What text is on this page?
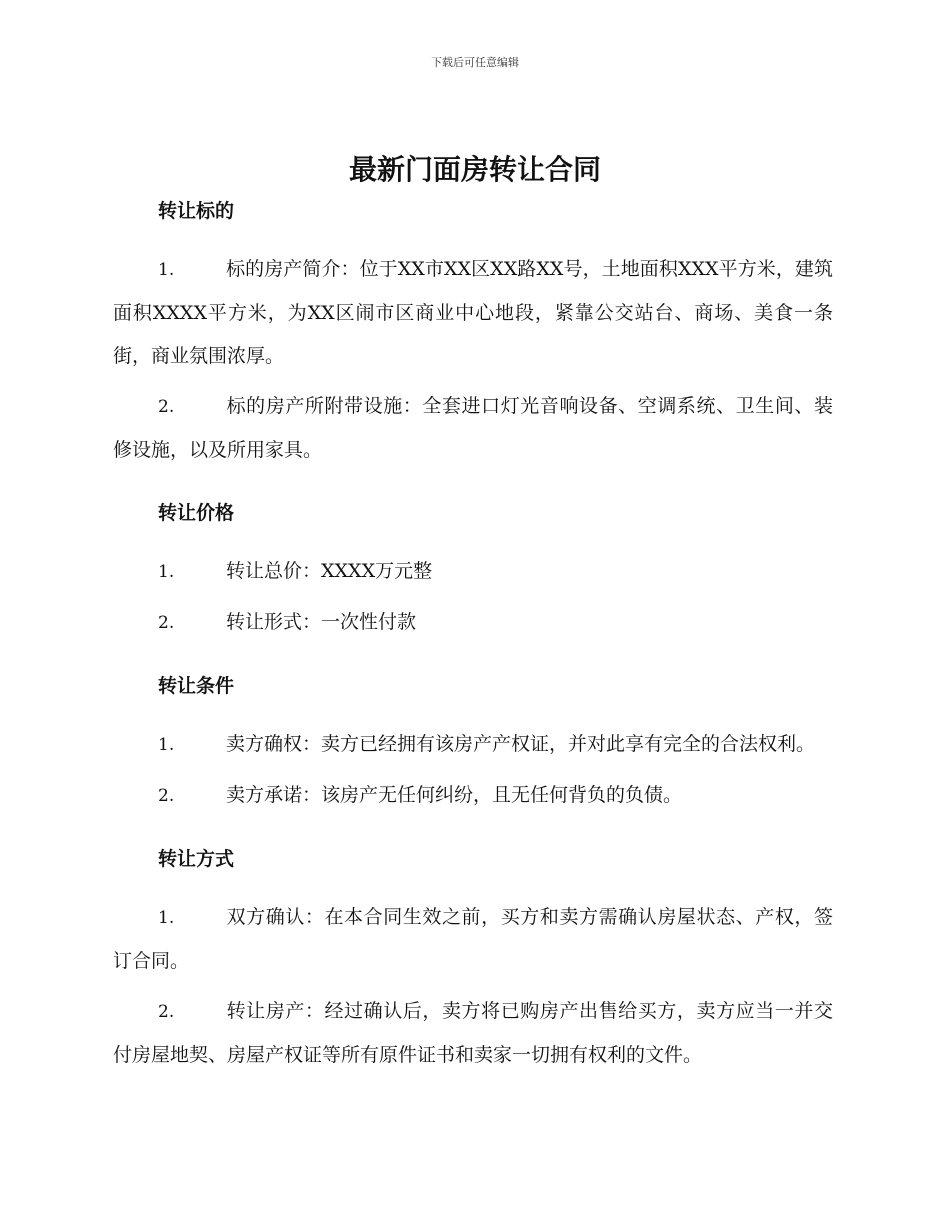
下载后可任意编辑
最新门面房转让合同

转让标的

1.	标的房产简介：位于XX市XX区XX路XX号，土地面积XXX平方米，建筑面积XXXX平方米，为XX区闹市区商业中心地段，紧靠公交站台、商场、美食一条街，商业氛围浓厚。

2.	标的房产所附带设施：全套进口灯光音响设备、空调系统、卫生间、装修设施，以及所用家具。

转让价格

1.	转让总价：XXXX万元整

2.	转让形式：一次性付款

转让条件

1.	卖方确权：卖方已经拥有该房产产权证，并对此享有完全的合法权利。

2.	卖方承诺：该房产无任何纠纷，且无任何背负的负债。

转让方式

1.	双方确认：在本合同生效之前，买方和卖方需确认房屋状态、产权，签订合同。

2.	转让房产：经过确认后，卖方将已购房产出售给买方，卖方应当一并交付房屋地契、房屋产权证等所有原件证书和卖家一切拥有权利的文件。
